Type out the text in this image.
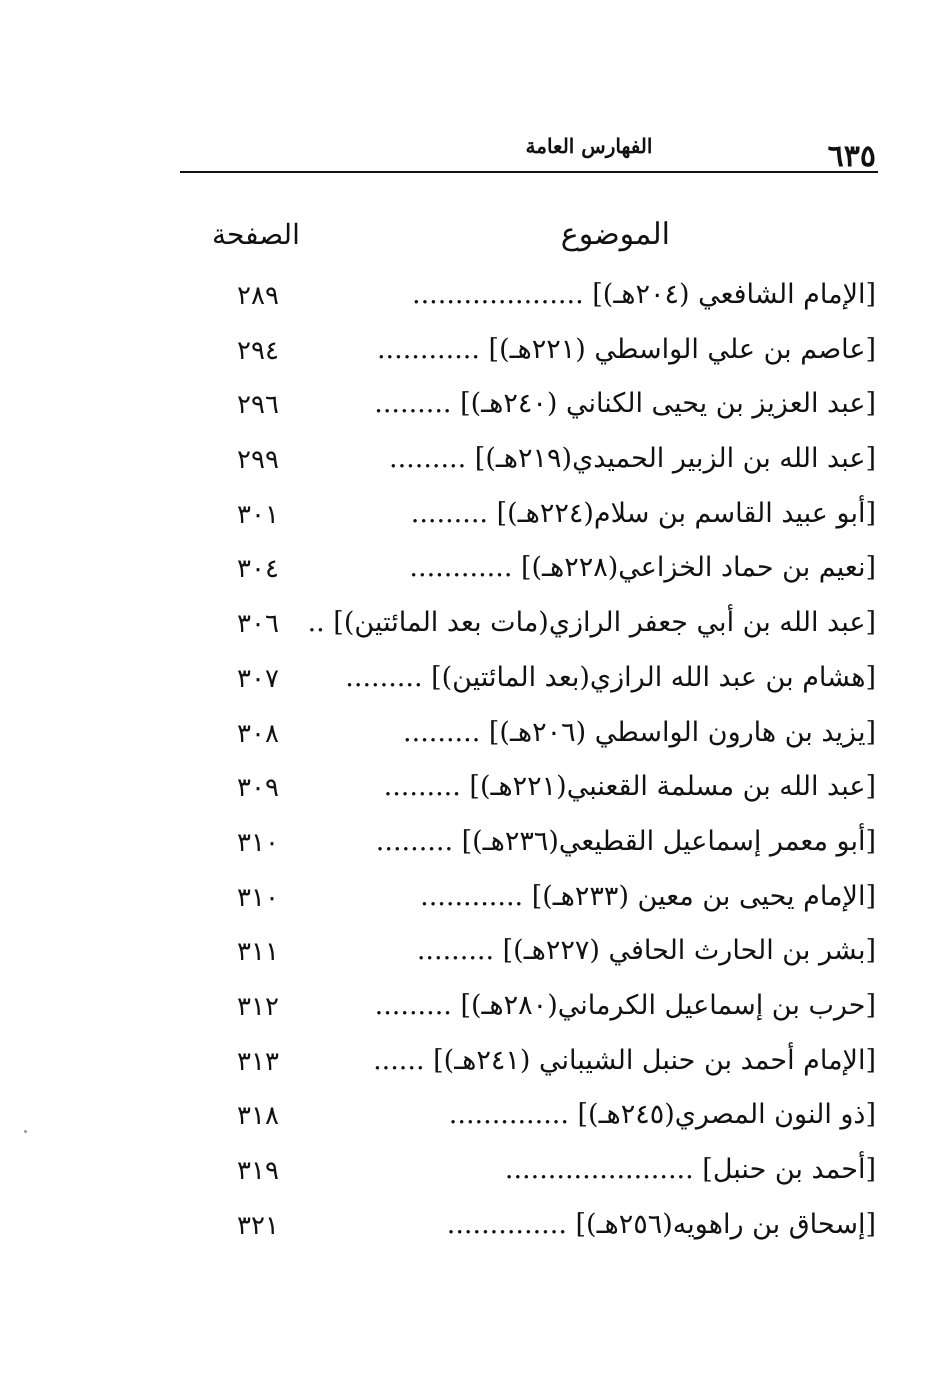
٦٣٥
الفهارس العامة
الموضوع
الصفحة
[الإمام الشافعي (٢٠٤هـ)] ....................
٢٨٩
[عاصم بن علي الواسطي (٢٢١هـ)] ............
٢٩٤
[عبد العزيز بن يحيى الكناني (٢٤٠هـ)] .........
٢٩٦
[عبد الله بن الزبير الحميدي(٢١٩هـ)] .........
٢٩٩
[أبو عبيد القاسم بن سلام(٢٢٤هـ)] .........
٣٠١
[نعيم بن حماد الخزاعي(٢٢٨هـ)] ............
٣٠٤
[عبد الله بن أبي جعفر الرازي(مات بعد المائتين)] ..
٣٠٦
[هشام بن عبد الله الرازي(بعد المائتين)] .........
٣٠٧
[يزيد بن هارون الواسطي (٢٠٦هـ)] .........
٣٠٨
[عبد الله بن مسلمة القعنبي(٢٢١هـ)] .........
٣٠٩
[أبو معمر إسماعيل القطيعي(٢٣٦هـ)] .........
٣١٠
[الإمام يحيى بن معين (٢٣٣هـ)] ............
٣١٠
[بشر بن الحارث الحافي (٢٢٧هـ)] .........
٣١١
[حرب بن إسماعيل الكرماني(٢٨٠هـ)] .........
٣١٢
[الإمام أحمد بن حنبل الشيباني (٢٤١هـ)] ......
٣١٣
[ذو النون المصري(٢٤٥هـ)] ..............
٣١٨
[أحمد بن حنبل] ......................
٣١٩
[إسحاق بن راهويه(٢٥٦هـ)] ..............
٣٢١
